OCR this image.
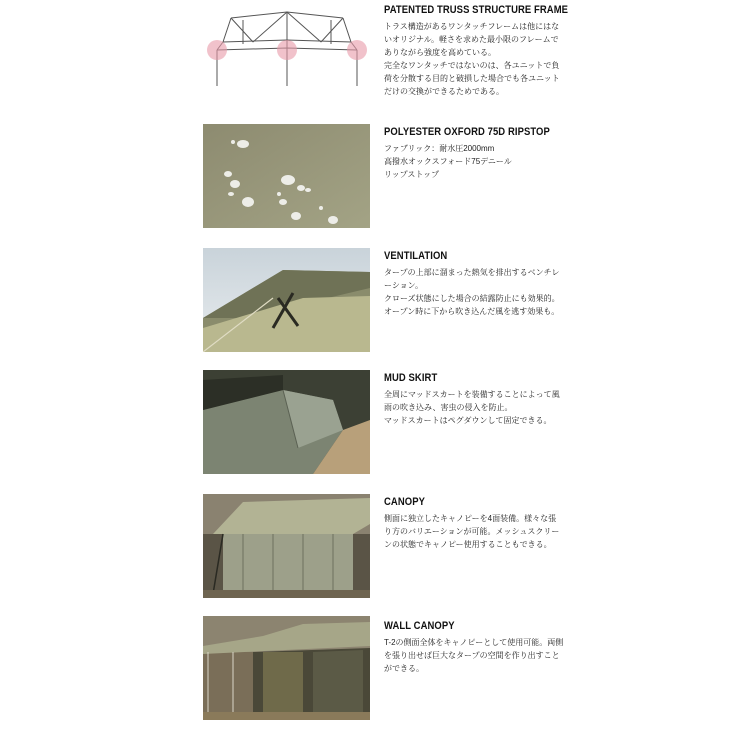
PATENTED TRUSS STRUCTURE FRAME

トラス構造があるワンタッチフレームは他にはないオリジナル。軽さを求めた最小限のフレームでありながら強度を高めている。

完全なワンタッチではないのは、各ユニットで負荷を分散する目的と破損した場合でも各ユニットだけの交換ができるためである。

POLYESTER OXFORD 75D RIPSTOP

ファブリック：耐水圧2000mm

高撥水オックスフォード75デニール

リップストップ

VENTILATION

タープの上部に溜まった熱気を排出するベンチレーション。

クローズ状態にした場合の結露防止にも効果的。オープン時に下から吹き込んだ風を逃す効果も。

MUD SKIRT

全周にマッドスカートを装備することによって風雨の吹き込み、害虫の侵入を防止。

マッドスカートはペグダウンして固定できる。

CANOPY

側面に独立したキャノピーを4面装備。様々な張り方のバリエーションが可能。メッシュスクリーンの状態でキャノピー使用することもできる。

WALL CANOPY

T-2の側面全体をキャノピーとして使用可能。両側を張り出せば巨大なタープの空間を作り出すことができる。
